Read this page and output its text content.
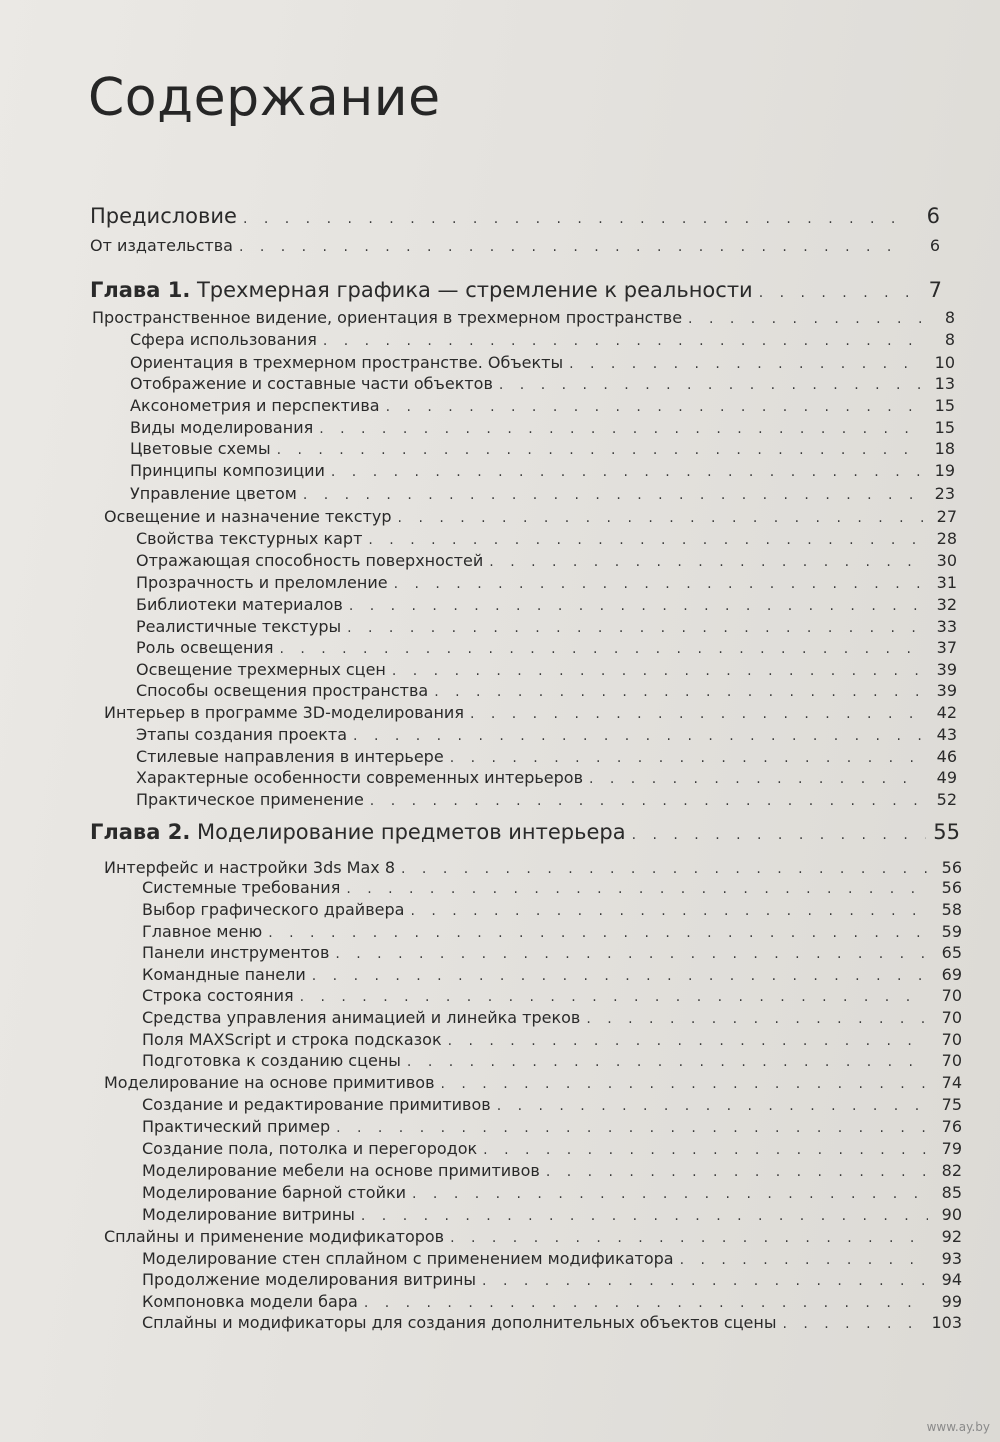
Содержание
Предисловие . . .	6
От издательства . . .	6
Глава 1. Трехмерная графика — стремление к реальности . . .	7
Пространственное видение, ориентация в трехмерном пространстве . . .	8
Сфера использования . . .	8
Ориентация в трехмерном пространстве. Объекты . . .	10
Отображение и составные части объектов . . .	13
Аксонометрия и перспектива . . .	15
Виды моделирования . . .	15
Цветовые схемы . . .	18
Принципы композиции . . .	19
Управление цветом . . .	23
Освещение и назначение текстур . . .	27
Свойства текстурных карт . . .	28
Отражающая способность поверхностей . . .	30
Прозрачность и преломление . . .	31
Библиотеки материалов . . .	32
Реалистичные текстуры . . .	33
Роль освещения . . .	37
Освещение трехмерных сцен . . .	39
Способы освещения пространства . . .	39
Интерьер в программе 3D-моделирования . . .	42
Этапы создания проекта . . .	43
Стилевые направления в интерьере . . .	46
Характерные особенности современных интерьеров . . .	49
Практическое применение . . .	52
Глава 2. Моделирование предметов интерьера . . .	55
Интерфейс и настройки 3ds Max 8 . . .	56
Системные требования . . .	56
Выбор графического драйвера . . .	58
Главное меню . . .	59
Панели инструментов . . .	65
Командные панели . . .	69
Строка состояния . . .	70
Средства управления анимацией и линейка треков . . .	70
Поля MAXScript и строка подсказок . . .	70
Подготовка к созданию сцены . . .	70
Моделирование на основе примитивов . . .	74
Создание и редактирование примитивов . . .	75
Практический пример . . .	76
Создание пола, потолка и перегородок . . .	79
Моделирование мебели на основе примитивов . . .	82
Моделирование барной стойки . . .	85
Моделирование витрины . . .	90
Сплайны и применение модификаторов . . .	92
Моделирование стен сплайном с применением модификатора . . .	93
Продолжение моделирования витрины . . .	94
Компоновка модели бара . . .	99
Сплайны и модификаторы для создания дополнительных объектов сцены . . .	103
www.ay.by
